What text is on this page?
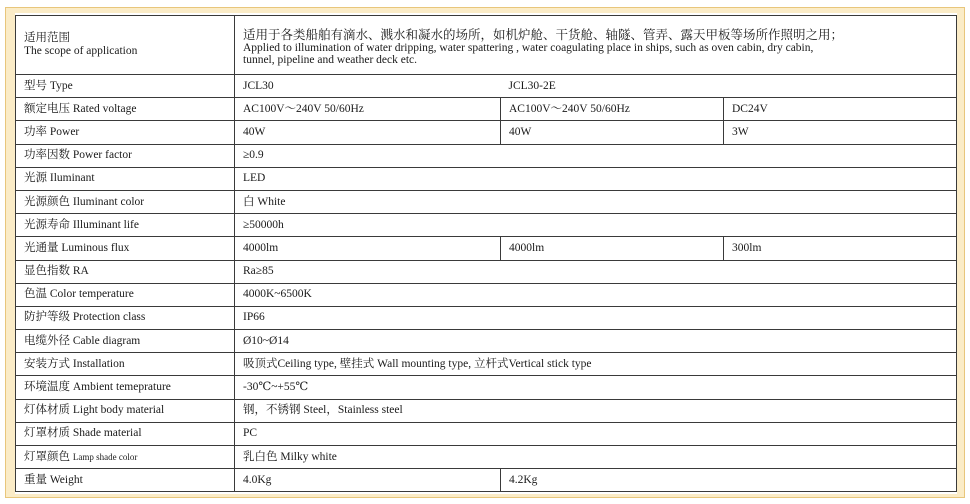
适用范围
The scope of application	适用于各类船舶有滴水、溅水和凝水的场所，如机炉舱、干货舱、轴隧、管弄、露天甲板等场所作照明之用；
Applied to illumination of water dripping, water spattering , water coagulating place in ships, such as oven cabin, dry cabin,
tunnel, pipeline and weather deck etc.		

型号 Type	JCL30	JCL30-2E	
额定电压 Rated voltage	AC100V～240V 50/60Hz	AC100V～240V 50/60Hz	DC24V
功率 Power	40W	40W	3W
功率因数 Power factor	≥0.9		
光源 Iluminant	LED		
光源颜色 Iluminant color	白 White		
光源寿命 Illuminant life	≥50000h		
光通量 Luminous flux	4000lm	4000lm	300lm
显色指数 RA	Ra≥85		
色温 Color temperature	4000K~6500K		
防护等级 Protection class	IP66		
电缆外径 Cable diagram	Ø10~Ø14		
安装方式 Installation	吸顶式Ceiling type, 壁挂式 Wall mounting type, 立杆式Vertical stick type		
环境温度 Ambient temeprature	-30℃~+55℃		
灯体材质 Light body material	钢，不锈钢 Steel，Stainless steel		
灯罩材质 Shade material	PC		
灯罩颜色 Lamp shade color	乳白色 Milky white		
重量 Weight	4.0Kg	4.2Kg	
